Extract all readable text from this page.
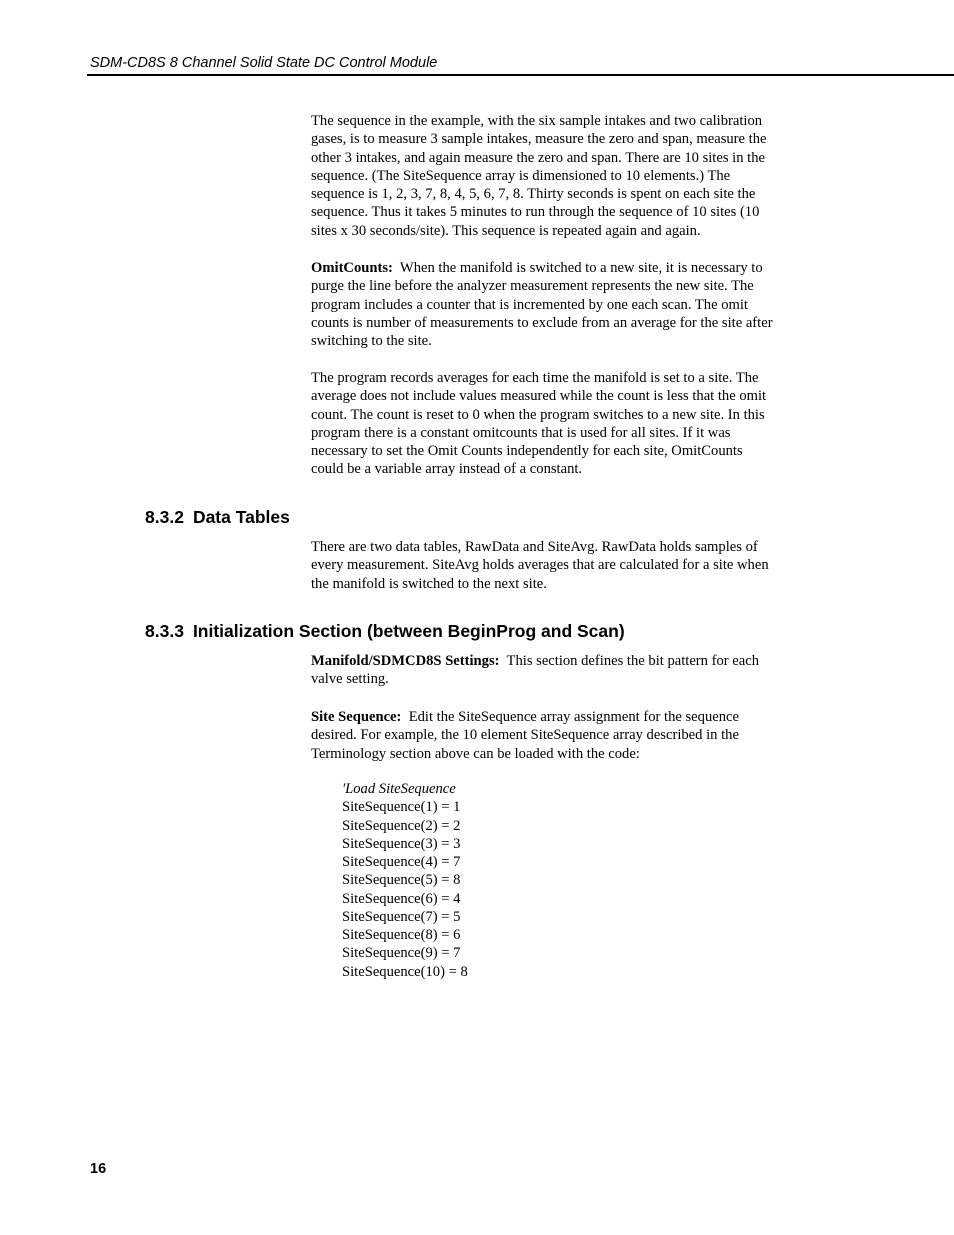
SDM-CD8S 8 Channel Solid State DC Control Module

The sequence in the example, with the six sample intakes and two calibration
gases, is to measure 3 sample intakes, measure the zero and span, measure the
other 3 intakes, and again measure the zero and span. There are 10 sites in the
sequence. (The SiteSequence array is dimensioned to 10 elements.) The
sequence is 1, 2, 3, 7, 8, 4, 5, 6, 7, 8. Thirty seconds is spent on each site the
sequence. Thus it takes 5 minutes to run through the sequence of 10 sites (10
sites x 30 seconds/site). This sequence is repeated again and again.

OmitCounts:  When the manifold is switched to a new site, it is necessary to
purge the line before the analyzer measurement represents the new site. The
program includes a counter that is incremented by one each scan. The omit
counts is number of measurements to exclude from an average for the site after
switching to the site.

The program records averages for each time the manifold is set to a site. The
average does not include values measured while the count is less that the omit
count. The count is reset to 0 when the program switches to a new site. In this
program there is a constant omitcounts that is used for all sites. If it was
necessary to set the Omit Counts independently for each site, OmitCounts
could be a variable array instead of a constant.

8.3.2 Data Tables

There are two data tables, RawData and SiteAvg. RawData holds samples of
every measurement. SiteAvg holds averages that are calculated for a site when
the manifold is switched to the next site.

8.3.3 Initialization Section (between BeginProg and Scan)

Manifold/SDMCD8S Settings:  This section defines the bit pattern for each
valve setting.

Site Sequence:  Edit the SiteSequence array assignment for the sequence
desired. For example, the 10 element SiteSequence array described in the
Terminology section above can be loaded with the code:

'Load SiteSequence
SiteSequence(1) = 1
SiteSequence(2) = 2
SiteSequence(3) = 3
SiteSequence(4) = 7
SiteSequence(5) = 8
SiteSequence(6) = 4
SiteSequence(7) = 5
SiteSequence(8) = 6
SiteSequence(9) = 7
SiteSequence(10) = 8
16
